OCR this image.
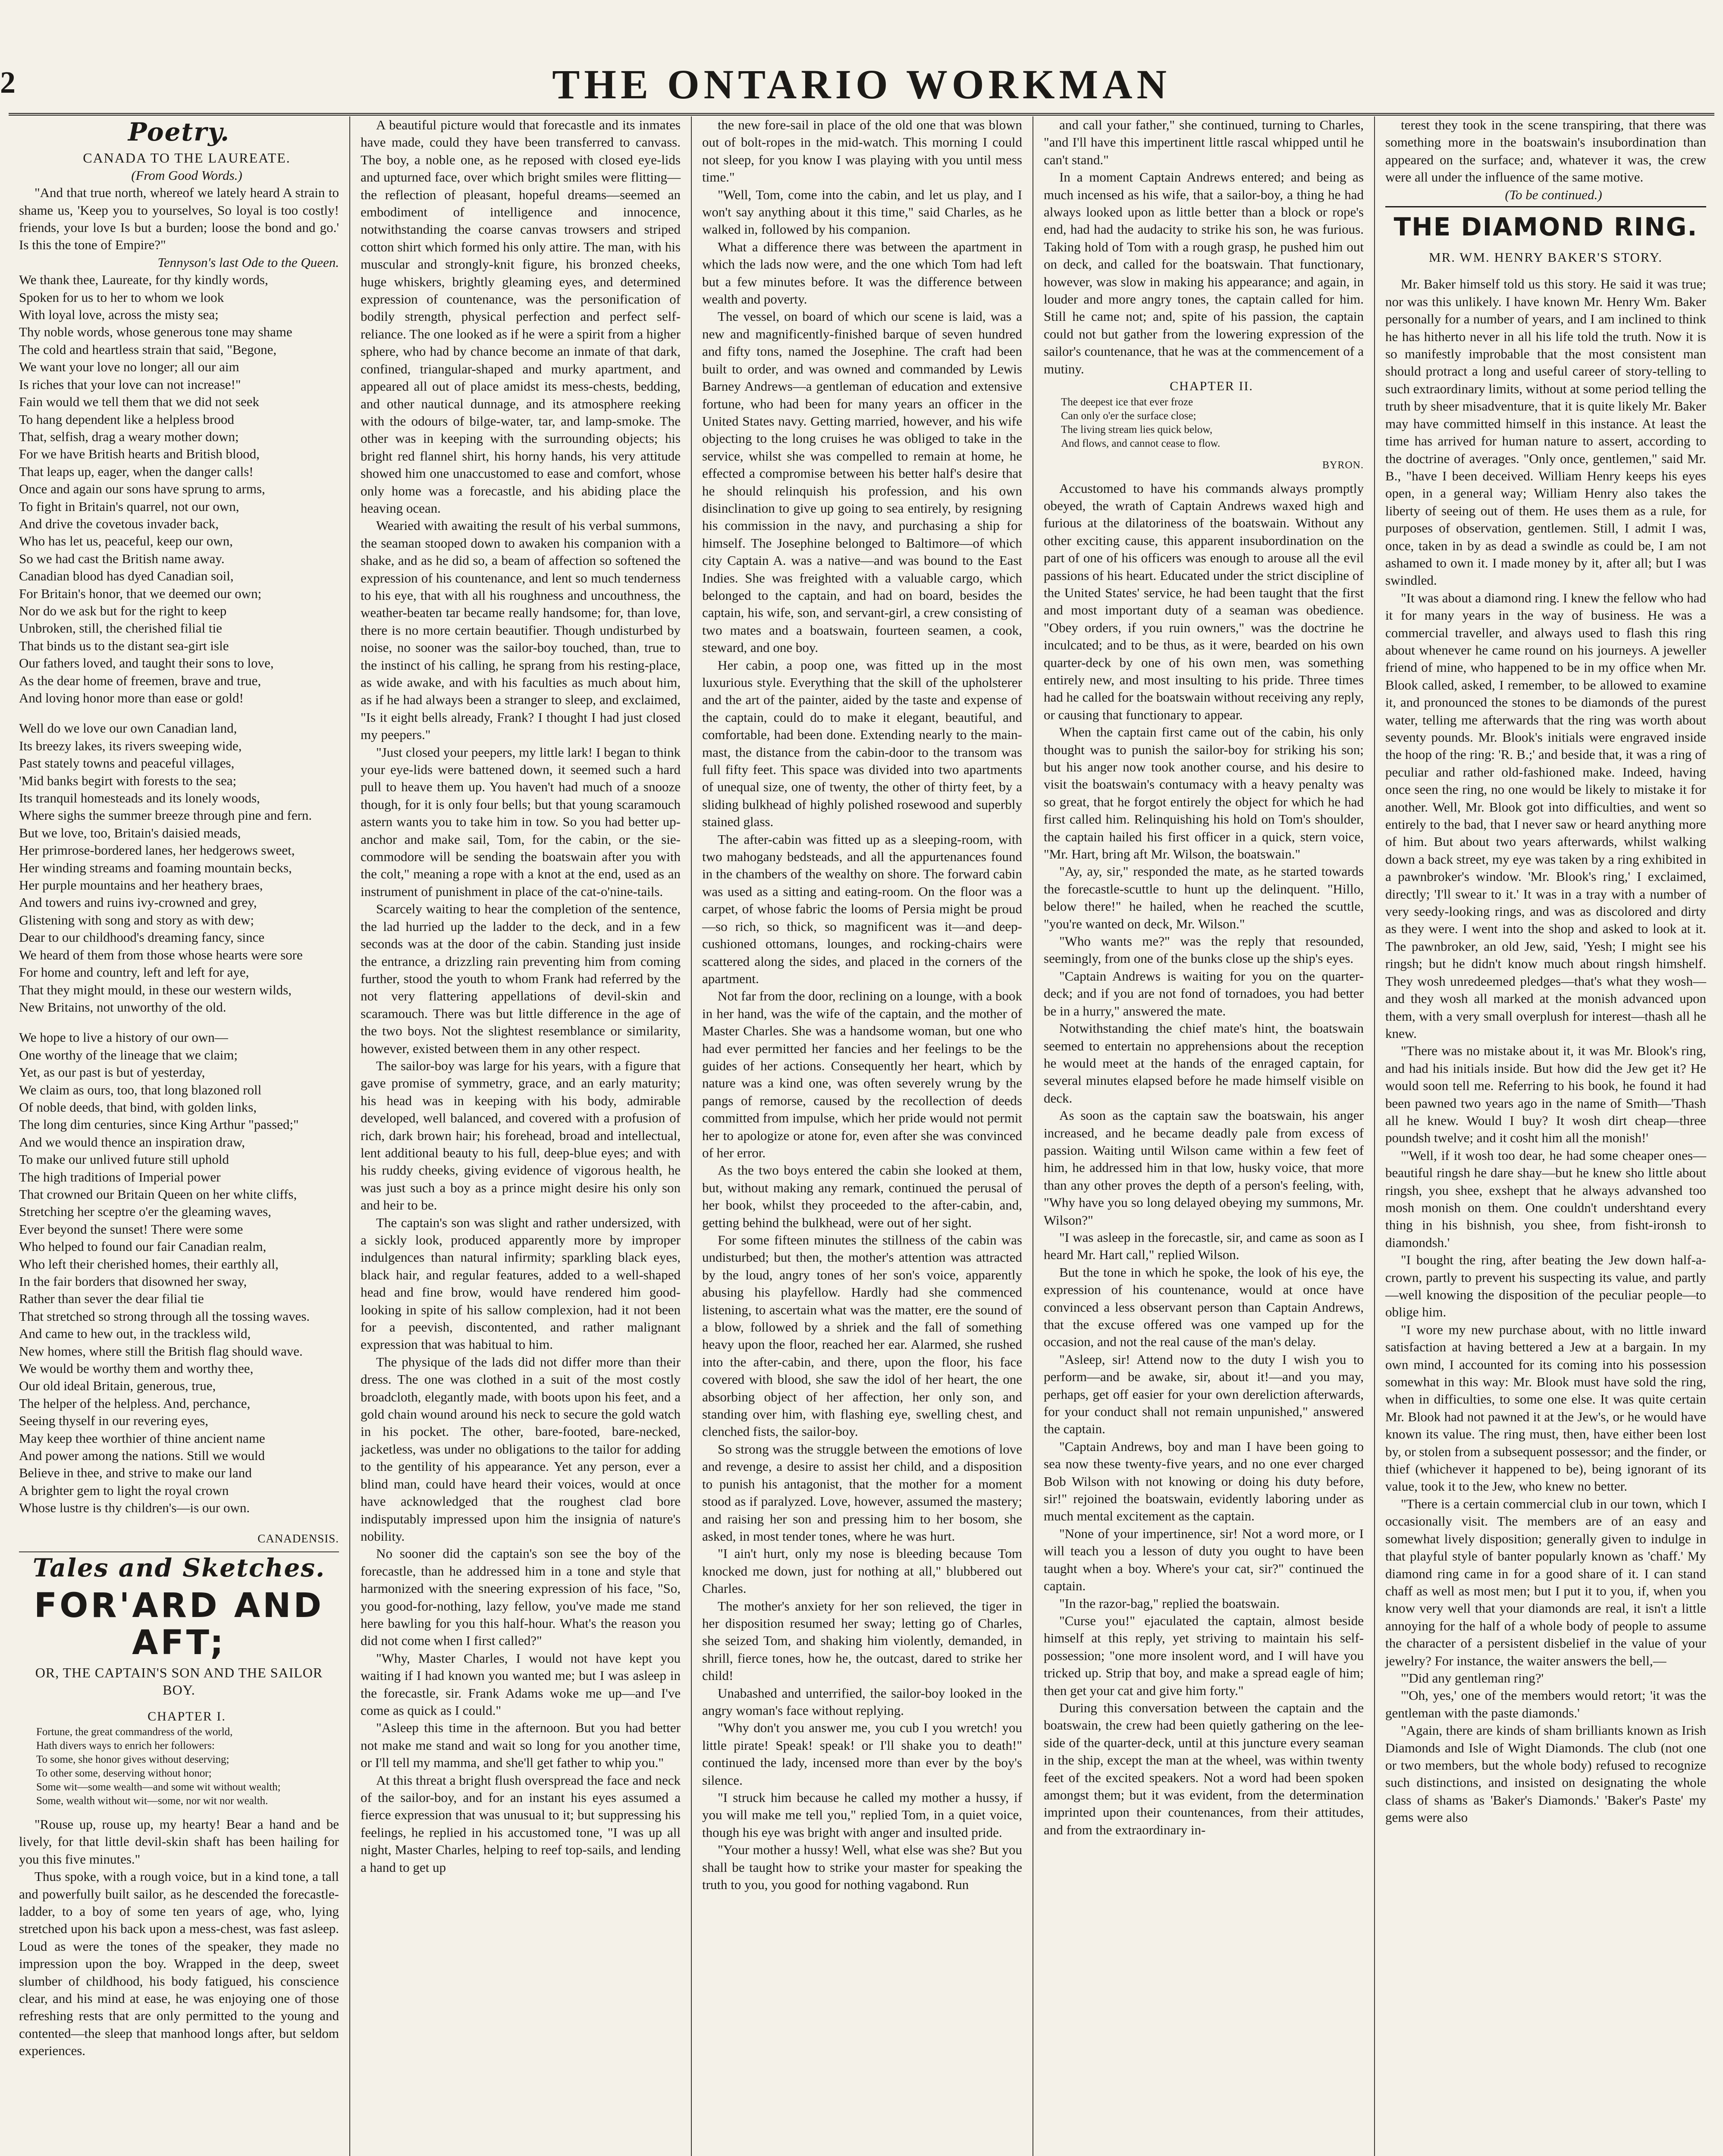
2	THE ONTARIO WORKMAN
Poetry.

CANADA TO THE LAUREATE.

(From Good Words.)

"And that true north, whereof we lately heard A strain to shame us, 'Keep you to yourselves, So loyal is too costly! friends, your love Is but a burden; loose the bond and go.' Is this the tone of Empire?"

Tennyson's last Ode to the Queen.

We thank thee, Laureate, for thy kindly words,
Spoken for us to her to whom we look
With loyal love, across the misty sea;
Thy noble words, whose generous tone may shame
The cold and heartless strain that said, "Begone,
We want your love no longer; all our aim
Is riches that your love can not increase!"
Fain would we tell them that we did not seek
To hang dependent like a helpless brood
That, selfish, drag a weary mother down;
For we have British hearts and British blood,
That leaps up, eager, when the danger calls!
Once and again our sons have sprung to arms,
To fight in Britain's quarrel, not our own,
And drive the covetous invader back,
Who has let us, peaceful, keep our own,
So we had cast the British name away.
Canadian blood has dyed Canadian soil,
For Britain's honor, that we deemed our own;
Nor do we ask but for the right to keep
Unbroken, still, the cherished filial tie
That binds us to the distant sea-girt isle
Our fathers loved, and taught their sons to love,
As the dear home of freemen, brave and true,
And loving honor more than ease or gold!
Well do we love our own Canadian land,
Its breezy lakes, its rivers sweeping wide,
Past stately towns and peaceful villages,
'Mid banks begirt with forests to the sea;
Its tranquil homesteads and its lonely woods,
Where sighs the summer breeze through pine and fern.
But we love, too, Britain's daisied meads,
Her primrose-bordered lanes, her hedgerows sweet,
Her winding streams and foaming mountain becks,
Her purple mountains and her heathery braes,
And towers and ruins ivy-crowned and grey,
Glistening with song and story as with dew;
Dear to our childhood's dreaming fancy, since
We heard of them from those whose hearts were sore
For home and country, left and left for aye,
That they might mould, in these our western wilds,
New Britains, not unworthy of the old.
We hope to live a history of our own—
One worthy of the lineage that we claim;
Yet, as our past is but of yesterday,
We claim as ours, too, that long blazoned roll
Of noble deeds, that bind, with golden links,
The long dim centuries, since King Arthur "passed;"
And we would thence an inspiration draw,
To make our unlived future still uphold
The high traditions of Imperial power
That crowned our Britain Queen on her white cliffs,
Stretching her sceptre o'er the gleaming waves,
Ever beyond the sunset! There were some
Who helped to found our fair Canadian realm,
Who left their cherished homes, their earthly all,
In the fair borders that disowned her sway,
Rather than sever the dear filial tie
That stretched so strong through all the tossing waves.
And came to hew out, in the trackless wild,
New homes, where still the British flag should wave.
We would be worthy them and worthy thee,
Our old ideal Britain, generous, true,
The helper of the helpless. And, perchance,
Seeing thyself in our revering eyes,
May keep thee worthier of thine ancient name
And power among the nations. Still we would
Believe in thee, and strive to make our land
A brighter gem to light the royal crown
Whose lustre is thy children's—is our own.
CANADENSIS.
Tales and Sketches.
FOR'ARD AND AFT;
OR, THE CAPTAIN'S SON AND THE SAILOR BOY.

CHAPTER I.

Fortune, the great commandress of the world,
Hath divers ways to enrich her followers:
To some, she honor gives without deserving;
To other some, deserving without honor;
Some wit—some wealth—and some wit without wealth;
Some, wealth without wit—some, nor wit nor wealth.

"Rouse up, rouse up, my hearty! Bear a hand and be lively, for that little devil-skin shaft has been hailing for you this five minutes."

Thus spoke, with a rough voice, but in a kind tone, a tall and powerfully built sailor, as he descended the forecastle-ladder, to a boy of some ten years of age, who, lying stretched upon his back upon a mess-chest, was fast asleep. Loud as were the tones of the speaker, they made no impression upon the boy. Wrapped in the deep, sweet slumber of childhood, his body fatigued, his conscience clear, and his mind at ease, he was enjoying one of those refreshing rests that are only permitted to the young and contented—the sleep that manhood longs after, but seldom experiences.

A beautiful picture would that forecastle and its inmates have made, could they have been transferred to canvass. The boy, a noble one, as he reposed with closed eye-lids and upturned face, over which bright smiles were flitting—the reflection of pleasant, hopeful dreams—seemed an embodiment of intelligence and innocence, notwithstanding the coarse canvas trowsers and striped cotton shirt which formed his only attire. The man, with his muscular and strongly-knit figure, his bronzed cheeks, huge whiskers, brightly gleaming eyes, and determined expression of countenance, was the personification of bodily strength, physical perfection and perfect self-reliance. The one looked as if he were a spirit from a higher sphere, who had by chance become an inmate of that dark, confined, triangular-shaped and murky apartment, and appeared all out of place amidst its mess-chests, bedding, and other nautical dunnage, and its atmosphere reeking with the odours of bilge-water, tar, and lamp-smoke. The other was in keeping with the surrounding objects; his bright red flannel shirt, his horny hands, his very attitude showed him one unaccustomed to ease and comfort, whose only home was a forecastle, and his abiding place the heaving ocean.

Wearied with awaiting the result of his verbal summons, the seaman stooped down to awaken his companion with a shake, and as he did so, a beam of affection so softened the expression of his countenance, and lent so much tenderness to his eye, that with all his roughness and uncouthness, the weather-beaten tar became really handsome; for, than love, there is no more certain beautifier. Though undisturbed by noise, no sooner was the sailor-boy touched, than, true to the instinct of his calling, he sprang from his resting-place, as wide awake, and with his faculties as much about him, as if he had always been a stranger to sleep, and exclaimed, "Is it eight bells already, Frank? I thought I had just closed my peepers."

"Just closed your peepers, my little lark! I began to think your eye-lids were battened down, it seemed such a hard pull to heave them up. You haven't had much of a snooze though, for it is only four bells; but that young scaramouch astern wants you to take him in tow. So you had better up-anchor and make sail, Tom, for the cabin, or the sie-commodore will be sending the boatswain after you with the colt," meaning a rope with a knot at the end, used as an instrument of punishment in place of the cat-o'nine-tails.

Scarcely waiting to hear the completion of the sentence, the lad hurried up the ladder to the deck, and in a few seconds was at the door of the cabin. Standing just inside the entrance, a drizzling rain preventing him from coming further, stood the youth to whom Frank had referred by the not very flattering appellations of devil-skin and scaramouch. There was but little difference in the age of the two boys. Not the slightest resemblance or similarity, however, existed between them in any other respect.

The sailor-boy was large for his years, with a figure that gave promise of symmetry, grace, and an early maturity; his head was in keeping with his body, admirable developed, well balanced, and covered with a profusion of rich, dark brown hair; his forehead, broad and intellectual, lent additional beauty to his full, deep-blue eyes; and with his ruddy cheeks, giving evidence of vigorous health, he was just such a boy as a prince might desire his only son and heir to be.

The captain's son was slight and rather undersized, with a sickly look, produced apparently more by improper indulgences than natural infirmity; sparkling black eyes, black hair, and regular features, added to a well-shaped head and fine brow, would have rendered him good-looking in spite of his sallow complexion, had it not been for a peevish, discontented, and rather malignant expression that was habitual to him.

The physique of the lads did not differ more than their dress. The one was clothed in a suit of the most costly broadcloth, elegantly made, with boots upon his feet, and a gold chain wound around his neck to secure the gold watch in his pocket. The other, bare-footed, bare-necked, jacketless, was under no obligations to the tailor for adding to the gentility of his appearance. Yet any person, ever a blind man, could have heard their voices, would at once have acknowledged that the roughest clad bore indisputably impressed upon him the insignia of nature's nobility.

No sooner did the captain's son see the boy of the forecastle, than he addressed him in a tone and style that harmonized with the sneering expression of his face, "So, you good-for-nothing, lazy fellow, you've made me stand here bawling for you this half-hour. What's the reason you did not come when I first called?"

"Why, Master Charles, I would not have kept you waiting if I had known you wanted me; but I was asleep in the forecastle, sir. Frank Adams woke me up—and I've come as quick as I could."

"Asleep this time in the afternoon. But you had better not make me stand and wait so long for you another time, or I'll tell my mamma, and she'll get father to whip you."

At this threat a bright flush overspread the face and neck of the sailor-boy, and for an instant his eyes assumed a fierce expression that was unusual to it; but suppressing his feelings, he replied in his accustomed tone, "I was up all night, Master Charles, helping to reef top-sails, and lending a hand to get up

the new fore-sail in place of the old one that was blown out of bolt-ropes in the mid-watch. This morning I could not sleep, for you know I was playing with you until mess time."

"Well, Tom, come into the cabin, and let us play, and I won't say anything about it this time," said Charles, as he walked in, followed by his companion.

What a difference there was between the apartment in which the lads now were, and the one which Tom had left but a few minutes before. It was the difference between wealth and poverty.

The vessel, on board of which our scene is laid, was a new and magnificently-finished barque of seven hundred and fifty tons, named the Josephine. The craft had been built to order, and was owned and commanded by Lewis Barney Andrews—a gentleman of education and extensive fortune, who had been for many years an officer in the United States navy. Getting married, however, and his wife objecting to the long cruises he was obliged to take in the service, whilst she was compelled to remain at home, he effected a compromise between his better half's desire that he should relinquish his profession, and his own disinclination to give up going to sea entirely, by resigning his commission in the navy, and purchasing a ship for himself. The Josephine belonged to Baltimore—of which city Captain A. was a native—and was bound to the East Indies. She was freighted with a valuable cargo, which belonged to the captain, and had on board, besides the captain, his wife, son, and servant-girl, a crew consisting of two mates and a boatswain, fourteen seamen, a cook, steward, and one boy.

Her cabin, a poop one, was fitted up in the most luxurious style. Everything that the skill of the upholsterer and the art of the painter, aided by the taste and expense of the captain, could do to make it elegant, beautiful, and comfortable, had been done. Extending nearly to the main-mast, the distance from the cabin-door to the transom was full fifty feet. This space was divided into two apartments of unequal size, one of twenty, the other of thirty feet, by a sliding bulkhead of highly polished rosewood and superbly stained glass.

The after-cabin was fitted up as a sleeping-room, with two mahogany bedsteads, and all the appurtenances found in the chambers of the wealthy on shore. The forward cabin was used as a sitting and eating-room. On the floor was a carpet, of whose fabric the looms of Persia might be proud—so rich, so thick, so magnificent was it—and deep-cushioned ottomans, lounges, and rocking-chairs were scattered along the sides, and placed in the corners of the apartment.

Not far from the door, reclining on a lounge, with a book in her hand, was the wife of the captain, and the mother of Master Charles. She was a handsome woman, but one who had ever permitted her fancies and her feelings to be the guides of her actions. Consequently her heart, which by nature was a kind one, was often severely wrung by the pangs of remorse, caused by the recollection of deeds committed from impulse, which her pride would not permit her to apologize or atone for, even after she was convinced of her error.

As the two boys entered the cabin she looked at them, but, without making any remark, continued the perusal of her book, whilst they proceeded to the after-cabin, and, getting behind the bulkhead, were out of her sight.

For some fifteen minutes the stillness of the cabin was undisturbed; but then, the mother's attention was attracted by the loud, angry tones of her son's voice, apparently abusing his playfellow. Hardly had she commenced listening, to ascertain what was the matter, ere the sound of a blow, followed by a shriek and the fall of something heavy upon the floor, reached her ear. Alarmed, she rushed into the after-cabin, and there, upon the floor, his face covered with blood, she saw the idol of her heart, the one absorbing object of her affection, her only son, and standing over him, with flashing eye, swelling chest, and clenched fists, the sailor-boy.

So strong was the struggle between the emotions of love and revenge, a desire to assist her child, and a disposition to punish his antagonist, that the mother for a moment stood as if paralyzed. Love, however, assumed the mastery; and raising her son and pressing him to her bosom, she asked, in most tender tones, where he was hurt.

"I ain't hurt, only my nose is bleeding because Tom knocked me down, just for nothing at all," blubbered out Charles.

The mother's anxiety for her son relieved, the tiger in her disposition resumed her sway; letting go of Charles, she seized Tom, and shaking him violently, demanded, in shrill, fierce tones, how he, the outcast, dared to strike her child!

Unabashed and unterrified, the sailor-boy looked in the angry woman's face without replying.

"Why don't you answer me, you cub I you wretch! you little pirate! Speak! speak! or I'll shake you to death!" continued the lady, incensed more than ever by the boy's silence.

"I struck him because he called my mother a hussy, if you will make me tell you," replied Tom, in a quiet voice, though his eye was bright with anger and insulted pride.

"Your mother a hussy! Well, what else was she? But you shall be taught how to strike your master for speaking the truth to you, you good for nothing vagabond. Run

and call your father," she continued, turning to Charles, "and I'll have this impertinent little rascal whipped until he can't stand."

In a moment Captain Andrews entered; and being as much incensed as his wife, that a sailor-boy, a thing he had always looked upon as little better than a block or rope's end, had had the audacity to strike his son, he was furious. Taking hold of Tom with a rough grasp, he pushed him out on deck, and called for the boatswain. That functionary, however, was slow in making his appearance; and again, in louder and more angry tones, the captain called for him. Still he came not; and, spite of his passion, the captain could not but gather from the lowering expression of the sailor's countenance, that he was at the commencement of a mutiny.

CHAPTER II.

The deepest ice that ever froze
Can only o'er the surface close;
The living stream lies quick below,
And flows, and cannot cease to flow.
BYRON.

Accustomed to have his commands always promptly obeyed, the wrath of Captain Andrews waxed high and furious at the dilatoriness of the boatswain. Without any other exciting cause, this apparent insubordination on the part of one of his officers was enough to arouse all the evil passions of his heart. Educated under the strict discipline of the United States' service, he had been taught that the first and most important duty of a seaman was obedience. "Obey orders, if you ruin owners," was the doctrine he inculcated; and to be thus, as it were, bearded on his own quarter-deck by one of his own men, was something entirely new, and most insulting to his pride. Three times had he called for the boatswain without receiving any reply, or causing that functionary to appear.

When the captain first came out of the cabin, his only thought was to punish the sailor-boy for striking his son; but his anger now took another course, and his desire to visit the boatswain's contumacy with a heavy penalty was so great, that he forgot entirely the object for which he had first called him. Relinquishing his hold on Tom's shoulder, the captain hailed his first officer in a quick, stern voice, "Mr. Hart, bring aft Mr. Wilson, the boatswain."

"Ay, ay, sir," responded the mate, as he started towards the forecastle-scuttle to hunt up the delinquent. "Hillo, below there!" he hailed, when he reached the scuttle, "you're wanted on deck, Mr. Wilson."

"Who wants me?" was the reply that resounded, seemingly, from one of the bunks close up the ship's eyes.

"Captain Andrews is waiting for you on the quarter-deck; and if you are not fond of tornadoes, you had better be in a hurry," answered the mate.

Notwithstanding the chief mate's hint, the boatswain seemed to entertain no apprehensions about the reception he would meet at the hands of the enraged captain, for several minutes elapsed before he made himself visible on deck.

As soon as the captain saw the boatswain, his anger increased, and he became deadly pale from excess of passion. Waiting until Wilson came within a few feet of him, he addressed him in that low, husky voice, that more than any other proves the depth of a person's feeling, with, "Why have you so long delayed obeying my summons, Mr. Wilson?"

"I was asleep in the forecastle, sir, and came as soon as I heard Mr. Hart call," replied Wilson.

But the tone in which he spoke, the look of his eye, the expression of his countenance, would at once have convinced a less observant person than Captain Andrews, that the excuse offered was one vamped up for the occasion, and not the real cause of the man's delay.

"Asleep, sir! Attend now to the duty I wish you to perform—and be awake, sir, about it!—and you may, perhaps, get off easier for your own dereliction afterwards, for your conduct shall not remain unpunished," answered the captain.

"Captain Andrews, boy and man I have been going to sea now these twenty-five years, and no one ever charged Bob Wilson with not knowing or doing his duty before, sir!" rejoined the boatswain, evidently laboring under as much mental excitement as the captain.

"None of your impertinence, sir! Not a word more, or I will teach you a lesson of duty you ought to have been taught when a boy. Where's your cat, sir?" continued the captain.

"In the razor-bag," replied the boatswain.

"Curse you!" ejaculated the captain, almost beside himself at this reply, yet striving to maintain his self-possession; "one more insolent word, and I will have you tricked up. Strip that boy, and make a spread eagle of him; then get your cat and give him forty."

During this conversation between the captain and the boatswain, the crew had been quietly gathering on the lee-side of the quarter-deck, until at this juncture every seaman in the ship, except the man at the wheel, was within twenty feet of the excited speakers. Not a word had been spoken amongst them; but it was evident, from the determination imprinted upon their countenances, from their attitudes, and from the extraordinary in-

terest they took in the scene transpiring, that there was something more in the boatswain's insubordination than appeared on the surface; and, whatever it was, the crew were all under the influence of the same motive.

(To be continued.)

THE DIAMOND RING.
MR. WM. HENRY BAKER'S STORY.

Mr. Baker himself told us this story. He said it was true; nor was this unlikely. I have known Mr. Henry Wm. Baker personally for a number of years, and I am inclined to think he has hitherto never in all his life told the truth. Now it is so manifestly improbable that the most consistent man should protract a long and useful career of story-telling to such extraordinary limits, without at some period telling the truth by sheer misadventure, that it is quite likely Mr. Baker may have committed himself in this instance. At least the time has arrived for human nature to assert, according to the doctrine of averages. "Only once, gentlemen," said Mr. B., "have I been deceived. William Henry keeps his eyes open, in a general way; William Henry also takes the liberty of seeing out of them. He uses them as a rule, for purposes of observation, gentlemen. Still, I admit I was, once, taken in by as dead a swindle as could be, I am not ashamed to own it. I made money by it, after all; but I was swindled.

"It was about a diamond ring. I knew the fellow who had it for many years in the way of business. He was a commercial traveller, and always used to flash this ring about whenever he came round on his journeys. A jeweller friend of mine, who happened to be in my office when Mr. Blook called, asked, I remember, to be allowed to examine it, and pronounced the stones to be diamonds of the purest water, telling me afterwards that the ring was worth about seventy pounds. Mr. Blook's initials were engraved inside the hoop of the ring: 'R. B.;' and beside that, it was a ring of peculiar and rather old-fashioned make. Indeed, having once seen the ring, no one would be likely to mistake it for another. Well, Mr. Blook got into difficulties, and went so entirely to the bad, that I never saw or heard anything more of him. But about two years afterwards, whilst walking down a back street, my eye was taken by a ring exhibited in a pawnbroker's window. 'Mr. Blook's ring,' I exclaimed, directly; 'I'll swear to it.' It was in a tray with a number of very seedy-looking rings, and was as discolored and dirty as they were. I went into the shop and asked to look at it. The pawnbroker, an old Jew, said, 'Yesh; I might see his ringsh; but he didn't know much about ringsh himshelf. They wosh unredeemed pledges—that's what they wosh—and they wosh all marked at the monish advanced upon them, with a very small overplush for interest—thash all he knew.

"There was no mistake about it, it was Mr. Blook's ring, and had his initials inside. But how did the Jew get it? He would soon tell me. Referring to his book, he found it had been pawned two years ago in the name of Smith—'Thash all he knew. Would I buy? It wosh dirt cheap—three poundsh twelve; and it cosht him all the monish!'

"'Well, if it wosh too dear, he had some cheaper ones—beautiful ringsh he dare shay—but he knew sho little about ringsh, you shee, exshept that he always advanshed too mosh monish on them. One couldn't undershtand every thing in his bishnish, you shee, from fisht-ironsh to diamondsh.'

"I bought the ring, after beating the Jew down half-a-crown, partly to prevent his suspecting its value, and partly—well knowing the disposition of the peculiar people—to oblige him.

"I wore my new purchase about, with no little inward satisfaction at having bettered a Jew at a bargain. In my own mind, I accounted for its coming into his possession somewhat in this way: Mr. Blook must have sold the ring, when in difficulties, to some one else. It was quite certain Mr. Blook had not pawned it at the Jew's, or he would have known its value. The ring must, then, have either been lost by, or stolen from a subsequent possessor; and the finder, or thief (whichever it happened to be), being ignorant of its value, took it to the Jew, who knew no better.

"There is a certain commercial club in our town, which I occasionally visit. The members are of an easy and somewhat lively disposition; generally given to indulge in that playful style of banter popularly known as 'chaff.' My diamond ring came in for a good share of it. I can stand chaff as well as most men; but I put it to you, if, when you know very well that your diamonds are real, it isn't a little annoying for the half of a whole body of people to assume the character of a persistent disbelief in the value of your jewelry? For instance, the waiter answers the bell,—

"'Did any gentleman ring?'

"'Oh, yes,' one of the members would retort; 'it was the gentleman with the paste diamonds.'

"Again, there are kinds of sham brilliants known as Irish Diamonds and Isle of Wight Diamonds. The club (not one or two members, but the whole body) refused to recognize such distinctions, and insisted on designating the whole class of shams as 'Baker's Diamonds.' 'Baker's Paste' my gems were also
